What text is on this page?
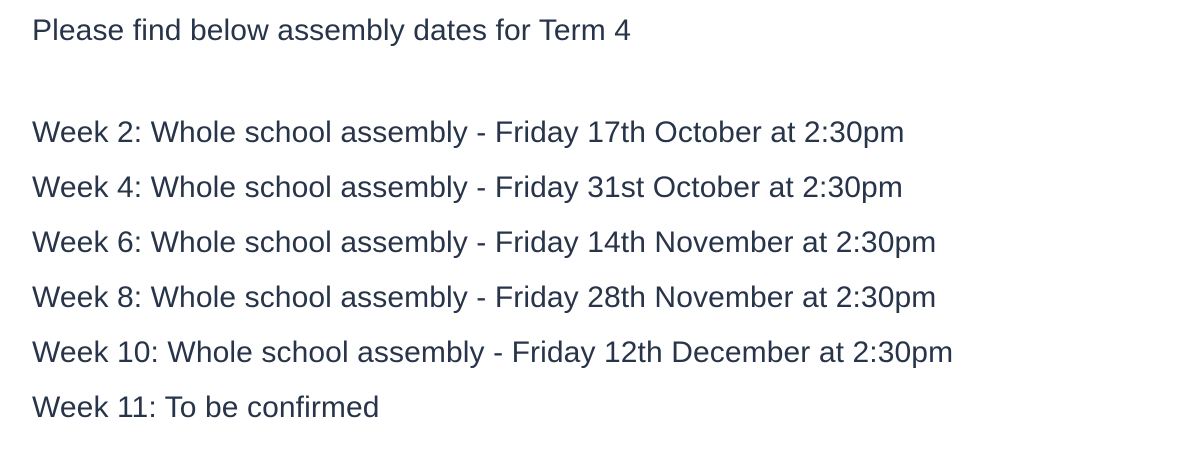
Please find below assembly dates for Term 4

Week 2: Whole school assembly - Friday 17th October at 2:30pm
Week 4: Whole school assembly - Friday 31st October at 2:30pm
Week 6: Whole school assembly - Friday 14th November at 2:30pm
Week 8: Whole school assembly - Friday 28th November at 2:30pm
Week 10: Whole school assembly - Friday 12th December at 2:30pm
Week 11: To be confirmed
